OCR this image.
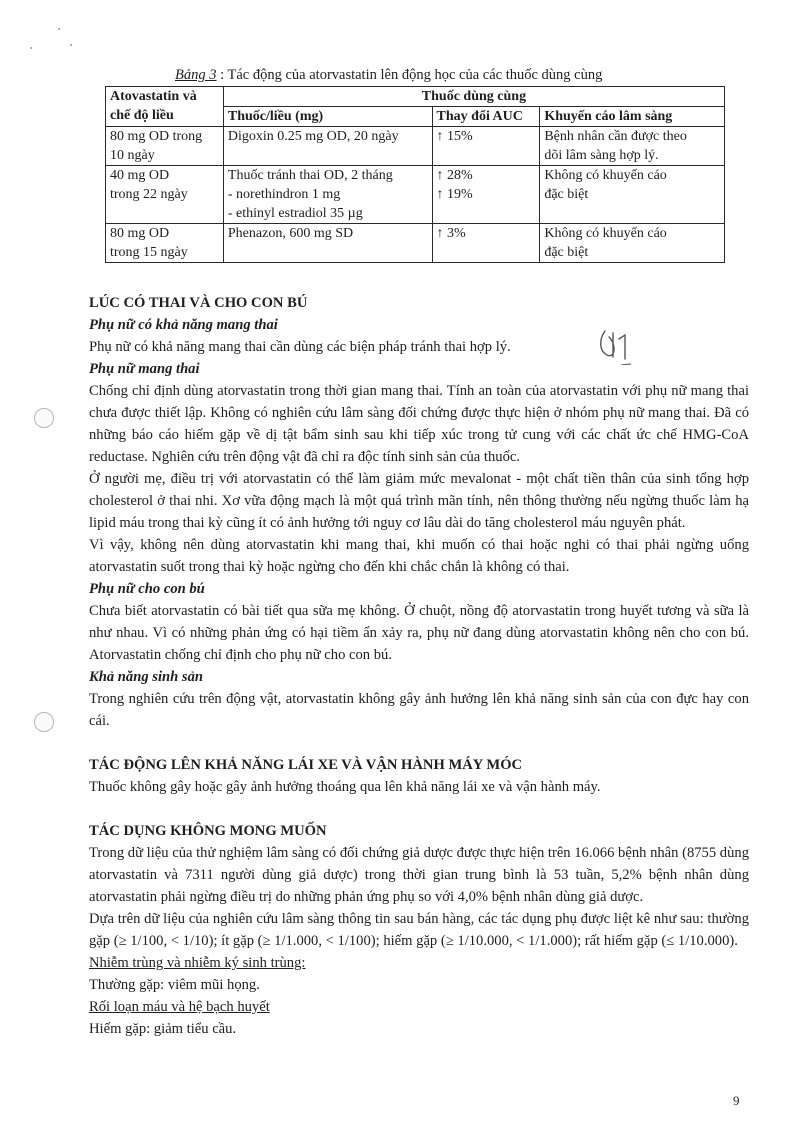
Bảng 3 : Tác động của atorvastatin lên động học của các thuốc dùng cùng
Atovastatin và
chế độ liều	Thuốc dùng cùng		
	Thuốc/liều (mg)	Thay đổi AUC	Khuyến cáo lâm sàng

80 mg OD trong
10 ngày	Digoxin 0.25 mg OD, 20 ngày	↑ 15%	Bệnh nhân cần được theo
dõi lâm sàng hợp lý.

40 mg OD
trong 22 ngày	Thuốc tránh thai OD, 2 tháng
- norethindron 1 mg
- ethinyl estradiol 35 µg	↑ 28%
↑ 19%	Không có khuyến cáo
đặc biệt

80 mg OD
trong 15 ngày	Phenazon, 600 mg SD	↑ 3%	Không có khuyến cáo
đặc biệt

LÚC CÓ THAI VÀ CHO CON BÚ

Phụ nữ có khả năng mang thai

Phụ nữ có khả năng mang thai cần dùng các biện pháp tránh thai hợp lý.

Phụ nữ mang thai

Chống chỉ định dùng atorvastatin trong thời gian mang thai. Tính an toàn của atorvastatin với phụ nữ mang thai chưa được thiết lập. Không có nghiên cứu lâm sàng đối chứng được thực hiện ở nhóm phụ nữ mang thai. Đã có những báo cáo hiếm gặp về dị tật bẩm sinh sau khi tiếp xúc trong tử cung với các chất ức chế HMG-CoA reductase. Nghiên cứu trên động vật đã chỉ ra độc tính sinh sản của thuốc.

Ở người mẹ, điều trị với atorvastatin có thể làm giảm mức mevalonat - một chất tiền thân của sinh tổng hợp cholesterol ở thai nhi. Xơ vữa động mạch là một quá trình mãn tính, nên thông thường nếu ngừng thuốc làm hạ lipid máu trong thai kỳ cũng ít có ảnh hưởng tới nguy cơ lâu dài do tăng cholesterol máu nguyên phát.

Vì vậy, không nên dùng atorvastatin khi mang thai, khi muốn có thai hoặc nghi có thai phải ngừng uống atorvastatin suốt trong thai kỳ hoặc ngừng cho đến khi chắc chắn là không có thai.

Phụ nữ cho con bú

Chưa biết atorvastatin có bài tiết qua sữa mẹ không. Ở chuột, nồng độ atorvastatin trong huyết tương và sữa là như nhau. Vì có những phản ứng có hại tiềm ẩn xảy ra, phụ nữ đang dùng atorvastatin không nên cho con bú. Atorvastatin chống chỉ định cho phụ nữ cho con bú.

Khả năng sinh sản

Trong nghiên cứu trên động vật, atorvastatin không gây ảnh hưởng lên khả năng sinh sản của con đực hay con cái.

TÁC ĐỘNG LÊN KHẢ NĂNG LÁI XE VÀ VẬN HÀNH MÁY MÓC

Thuốc không gây hoặc gây ảnh hưởng thoáng qua lên khả năng lái xe và vận hành máy.

TÁC DỤNG KHÔNG MONG MUỐN

Trong dữ liệu của thử nghiệm lâm sàng có đối chứng giả dược được thực hiện trên 16.066 bệnh nhân (8755 dùng atorvastatin và 7311 người dùng giả dược) trong thời gian trung bình là 53 tuần, 5,2% bệnh nhân dùng atorvastatin phải ngừng điều trị do những phản ứng phụ so với 4,0% bệnh nhân dùng giả dược.

Dựa trên dữ liệu của nghiên cứu lâm sàng thông tin sau bán hàng, các tác dụng phụ được liệt kê như sau: thường gặp (≥ 1/100, < 1/10); ít gặp (≥ 1/1.000, < 1/100); hiếm gặp (≥ 1/10.000, < 1/1.000); rất hiếm gặp (≤ 1/10.000).

Nhiễm trùng và nhiễm ký sinh trùng:

Thường gặp: viêm mũi họng.

Rối loạn máu và hệ bạch huyết

Hiếm gặp: giảm tiểu cầu.

9
